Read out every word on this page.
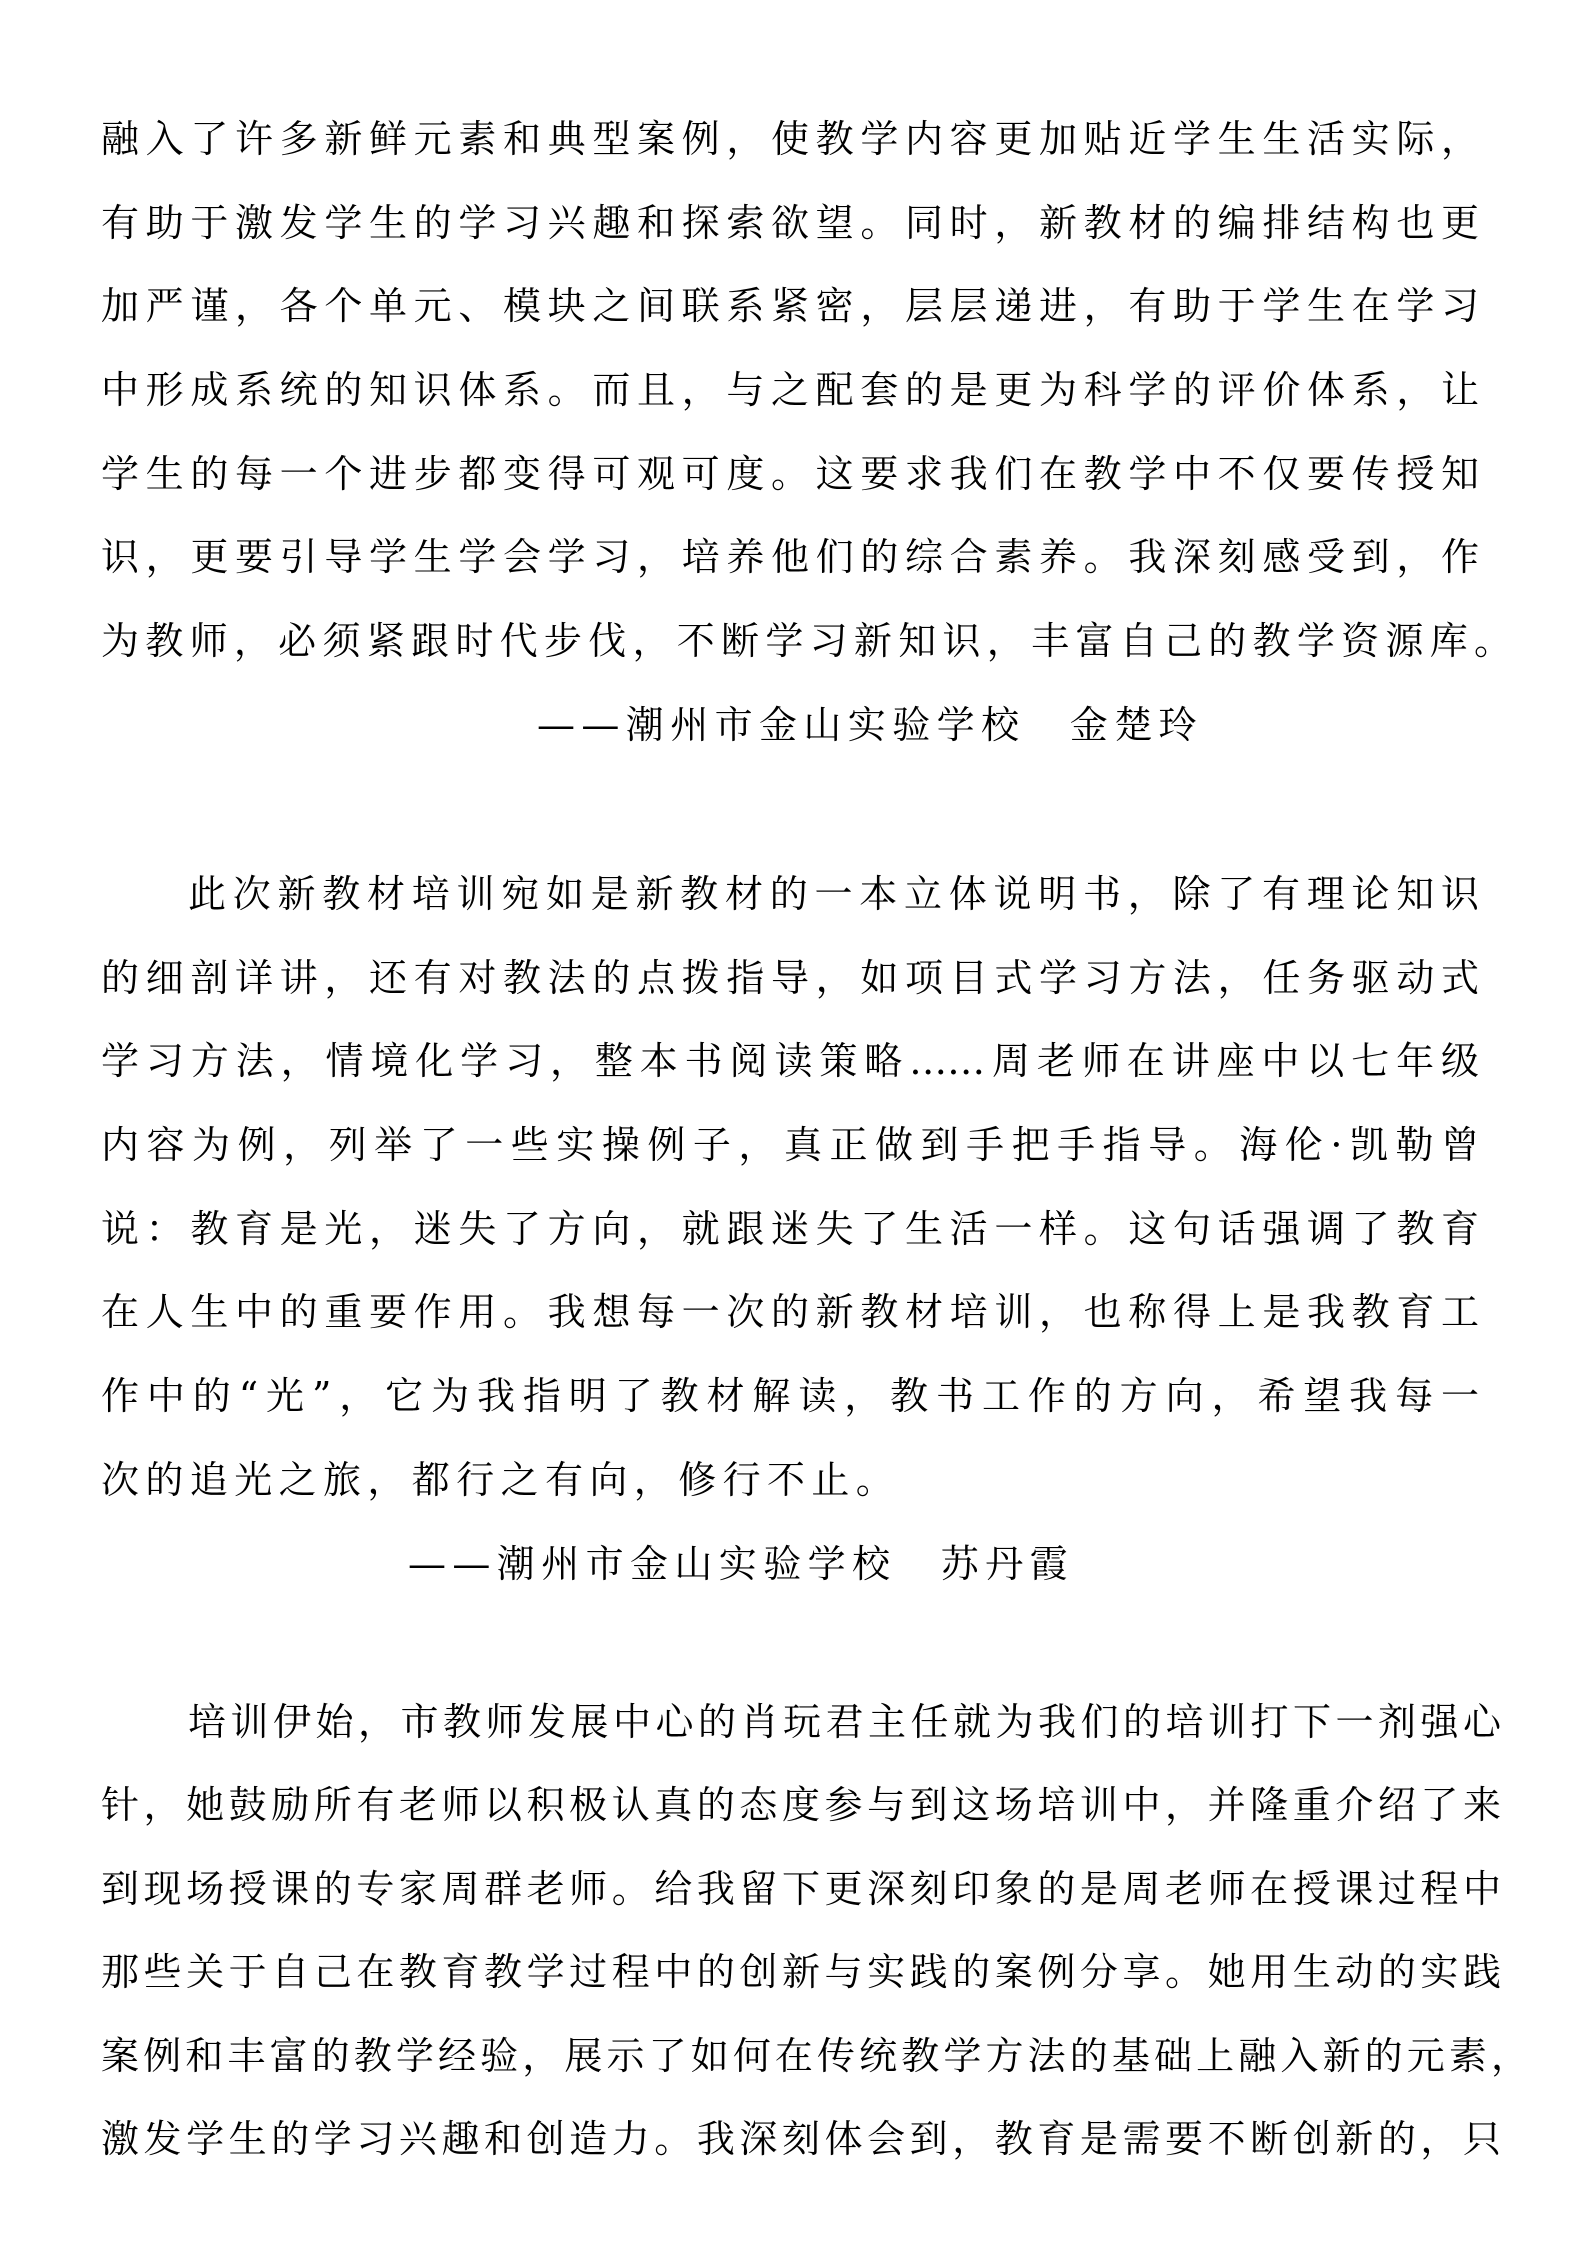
融入了许多新鲜元素和典型案例，使教学内容更加贴近学生生活实际，
有助于激发学生的学习兴趣和探索欲望。同时，新教材的编排结构也更
加严谨，各个单元、模块之间联系紧密，层层递进，有助于学生在学习
中形成系统的知识体系。而且，与之配套的是更为科学的评价体系，让
学生的每一个进步都变得可观可度。这要求我们在教学中不仅要传授知
识，更要引导学生学会学习，培养他们的综合素养。我深刻感受到，作
为教师，必须紧跟时代步伐，不断学习新知识，丰富自己的教学资源库。
——潮州市金山实验学校　金楚玲
此次新教材培训宛如是新教材的一本立体说明书，除了有理论知识
的细剖详讲，还有对教法的点拨指导，如项目式学习方法，任务驱动式
学习方法，情境化学习，整本书阅读策略……周老师在讲座中以七年级
内容为例，列举了一些实操例子，真正做到手把手指导。海伦·凯勒曾
说：教育是光，迷失了方向，就跟迷失了生活一样。这句话强调了教育
在人生中的重要作用。我想每一次的新教材培训，也称得上是我教育工
作中的“光”，它为我指明了教材解读，教书工作的方向，希望我每一
次的追光之旅，都行之有向，修行不止。
——潮州市金山实验学校　苏丹霞
培训伊始，市教师发展中心的肖玩君主任就为我们的培训打下一剂强心
针，她鼓励所有老师以积极认真的态度参与到这场培训中，并隆重介绍了来
到现场授课的专家周群老师。给我留下更深刻印象的是周老师在授课过程中
那些关于自己在教育教学过程中的创新与实践的案例分享。她用生动的实践
案例和丰富的教学经验，展示了如何在传统教学方法的基础上融入新的元素，
激发学生的学习兴趣和创造力。我深刻体会到，教育是需要不断创新的，只
